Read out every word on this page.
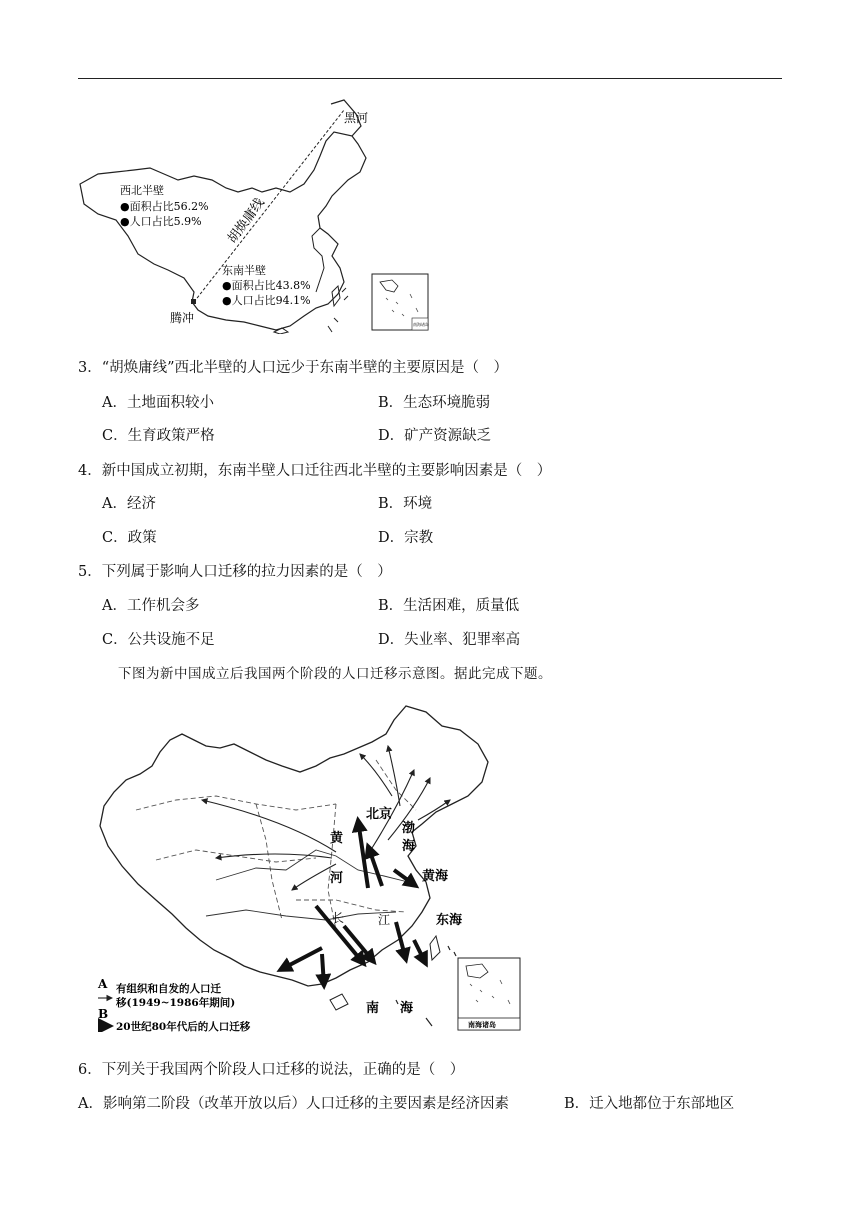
胡焕庸线
黑河
腾冲
西北半壁
●面积占比56.2%
●人口占比5.9%
东南半壁
●面积占比43.8%
●人口占比94.1%
南海诸岛
3．“胡焕庸线”西北半壁的人口远少于东南半壁的主要原因是（　）
A．土地面积较小	B．生态环境脆弱
C．生育政策严格	D．矿产资源缺乏
4．新中国成立初期，东南半壁人口迁往西北半壁的主要影响因素是（　）
A．经济	B．环境
C．政策	D．宗教
5．下列属于影响人口迁移的拉力因素的是（　）
A．工作机会多	B．生活困难，质量低
C．公共设施不足	D．失业率、犯罪率高
下图为新中国成立后我国两个阶段的人口迁移示意图。据此完成下题。
北京
渤
海
黄
河
长	江
黄海
东海
南 海
南海诸岛
A 有组织和自发的人口迁
移(1949~1986年期间)
B
20世纪80年代后的人口迁移
6．下列关于我国两个阶段人口迁移的说法，正确的是（　）
A．影响第二阶段（改革开放以后）人口迁移的主要因素是经济因素	B．迁入地都位于东部地区
